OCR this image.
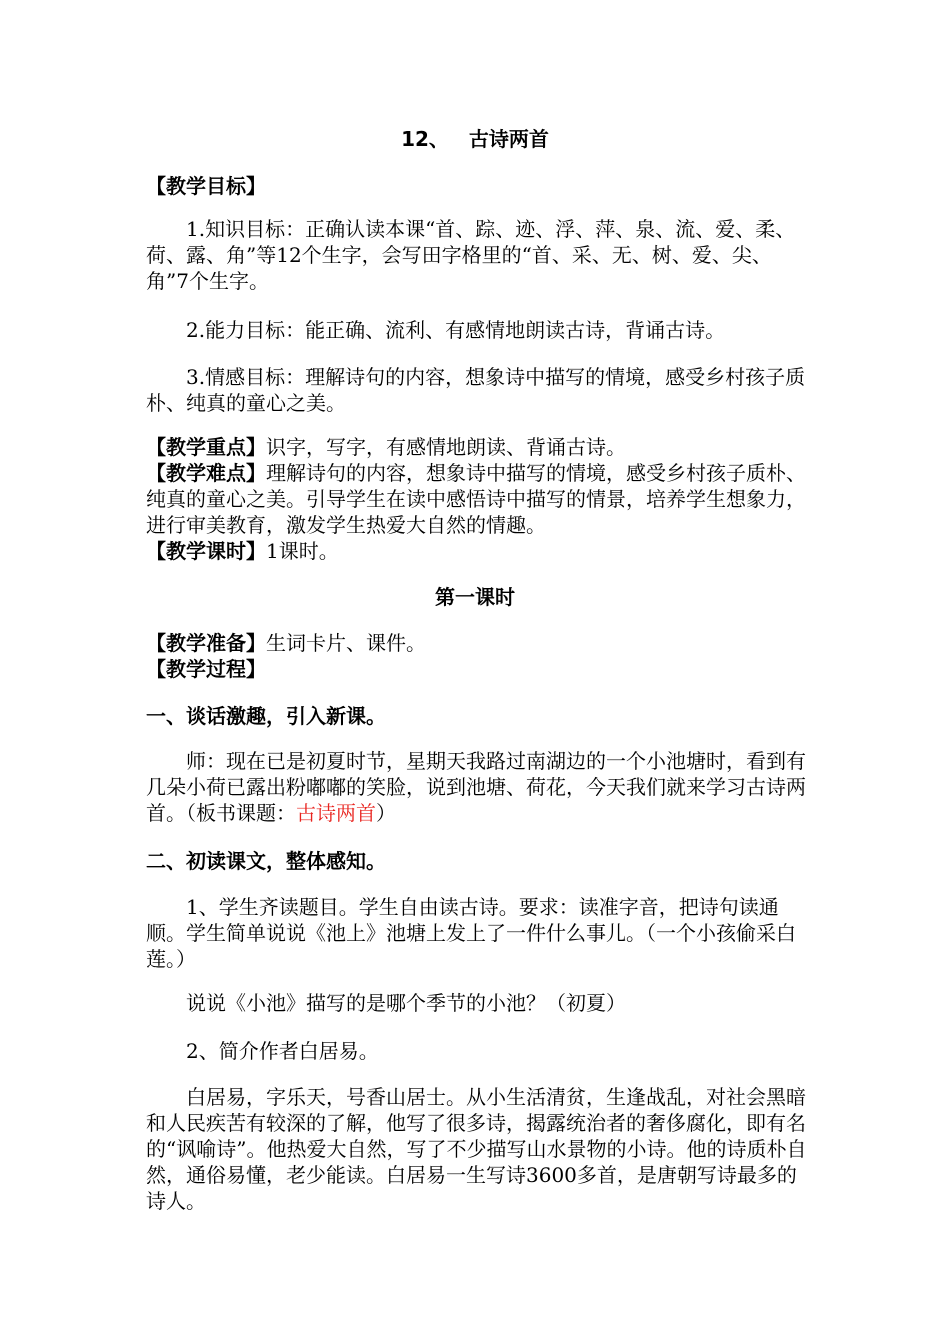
12、 古诗两首
【教学目标】
1.知识目标：正确认读本课“首、踪、迹、浮、萍、泉、流、爱、柔、荷、露、角”等12个生字，会写田字格里的“首、采、无、树、爱、尖、角”7个生字。
2.能力目标：能正确、流利、有感情地朗读古诗，背诵古诗。
3.情感目标：理解诗句的内容，想象诗中描写的情境，感受乡村孩子质朴、纯真的童心之美。
【教学重点】识字，写字，有感情地朗读、背诵古诗。
【教学难点】理解诗句的内容，想象诗中描写的情境，感受乡村孩子质朴、纯真的童心之美。引导学生在读中感悟诗中描写的情景，培养学生想象力，进行审美教育，激发学生热爱大自然的情趣。
【教学课时】1课时。
第一课时
【教学准备】生词卡片、课件。
【教学过程】
一、谈话激趣，引入新课。
师：现在已是初夏时节，星期天我路过南湖边的一个小池塘时，看到有几朵小荷已露出粉嘟嘟的笑脸，说到池塘、荷花，今天我们就来学习古诗两首。（板书课题：古诗两首）
二、初读课文，整体感知。
1、学生齐读题目。学生自由读古诗。要求：读准字音，把诗句读通顺。学生简单说说《池上》池塘上发上了一件什么事儿。（一个小孩偷采白莲。）
说说《小池》描写的是哪个季节的小池？（初夏）
2、简介作者白居易。
白居易，字乐天，号香山居士。从小生活清贫，生逢战乱，对社会黑暗和人民疾苦有较深的了解，他写了很多诗，揭露统治者的奢侈腐化，即有名的“讽喻诗”。他热爱大自然，写了不少描写山水景物的小诗。他的诗质朴自然，通俗易懂，老少能读。白居易一生写诗3600多首，是唐朝写诗最多的诗人。
